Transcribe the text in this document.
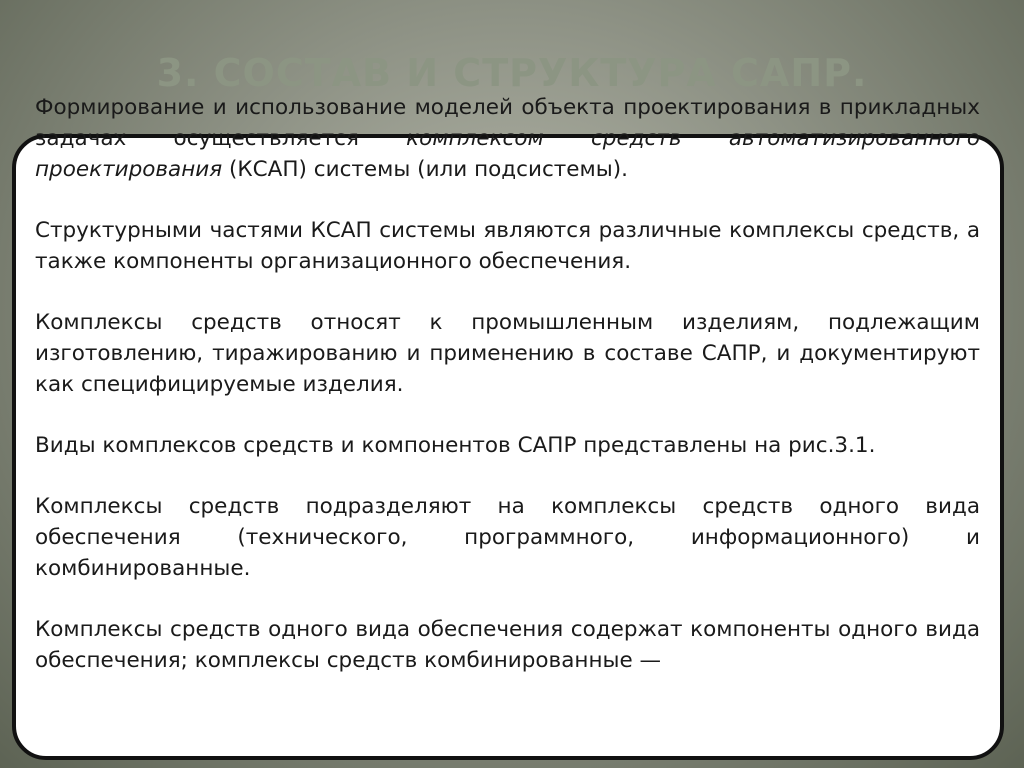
3. СОСТАВ И СТРУКТУРА САПР.

Формирование и использование моделей объекта проектирования в прикладных задачах осуществляется комплексом средств автоматизированного проектирования (КСАП) системы (или подсистемы).

Структурными частями КСАП системы являются различные комплексы средств, а также компоненты организационного обеспечения.

Комплексы средств относят к промышленным изделиям, подлежащим изготовлению, тиражированию и применению в составе САПР, и документируют как специфицируемые изделия.

Виды комплексов средств и компонентов САПР представлены на рис.3.1.

Комплексы средств подразделяют на комплексы средств одного вида обеспечения (технического, программного, информационного) и комбинированные.

Комплексы средств одного вида обеспечения содержат компоненты одного вида обеспечения; комплексы средств комбинированные —
